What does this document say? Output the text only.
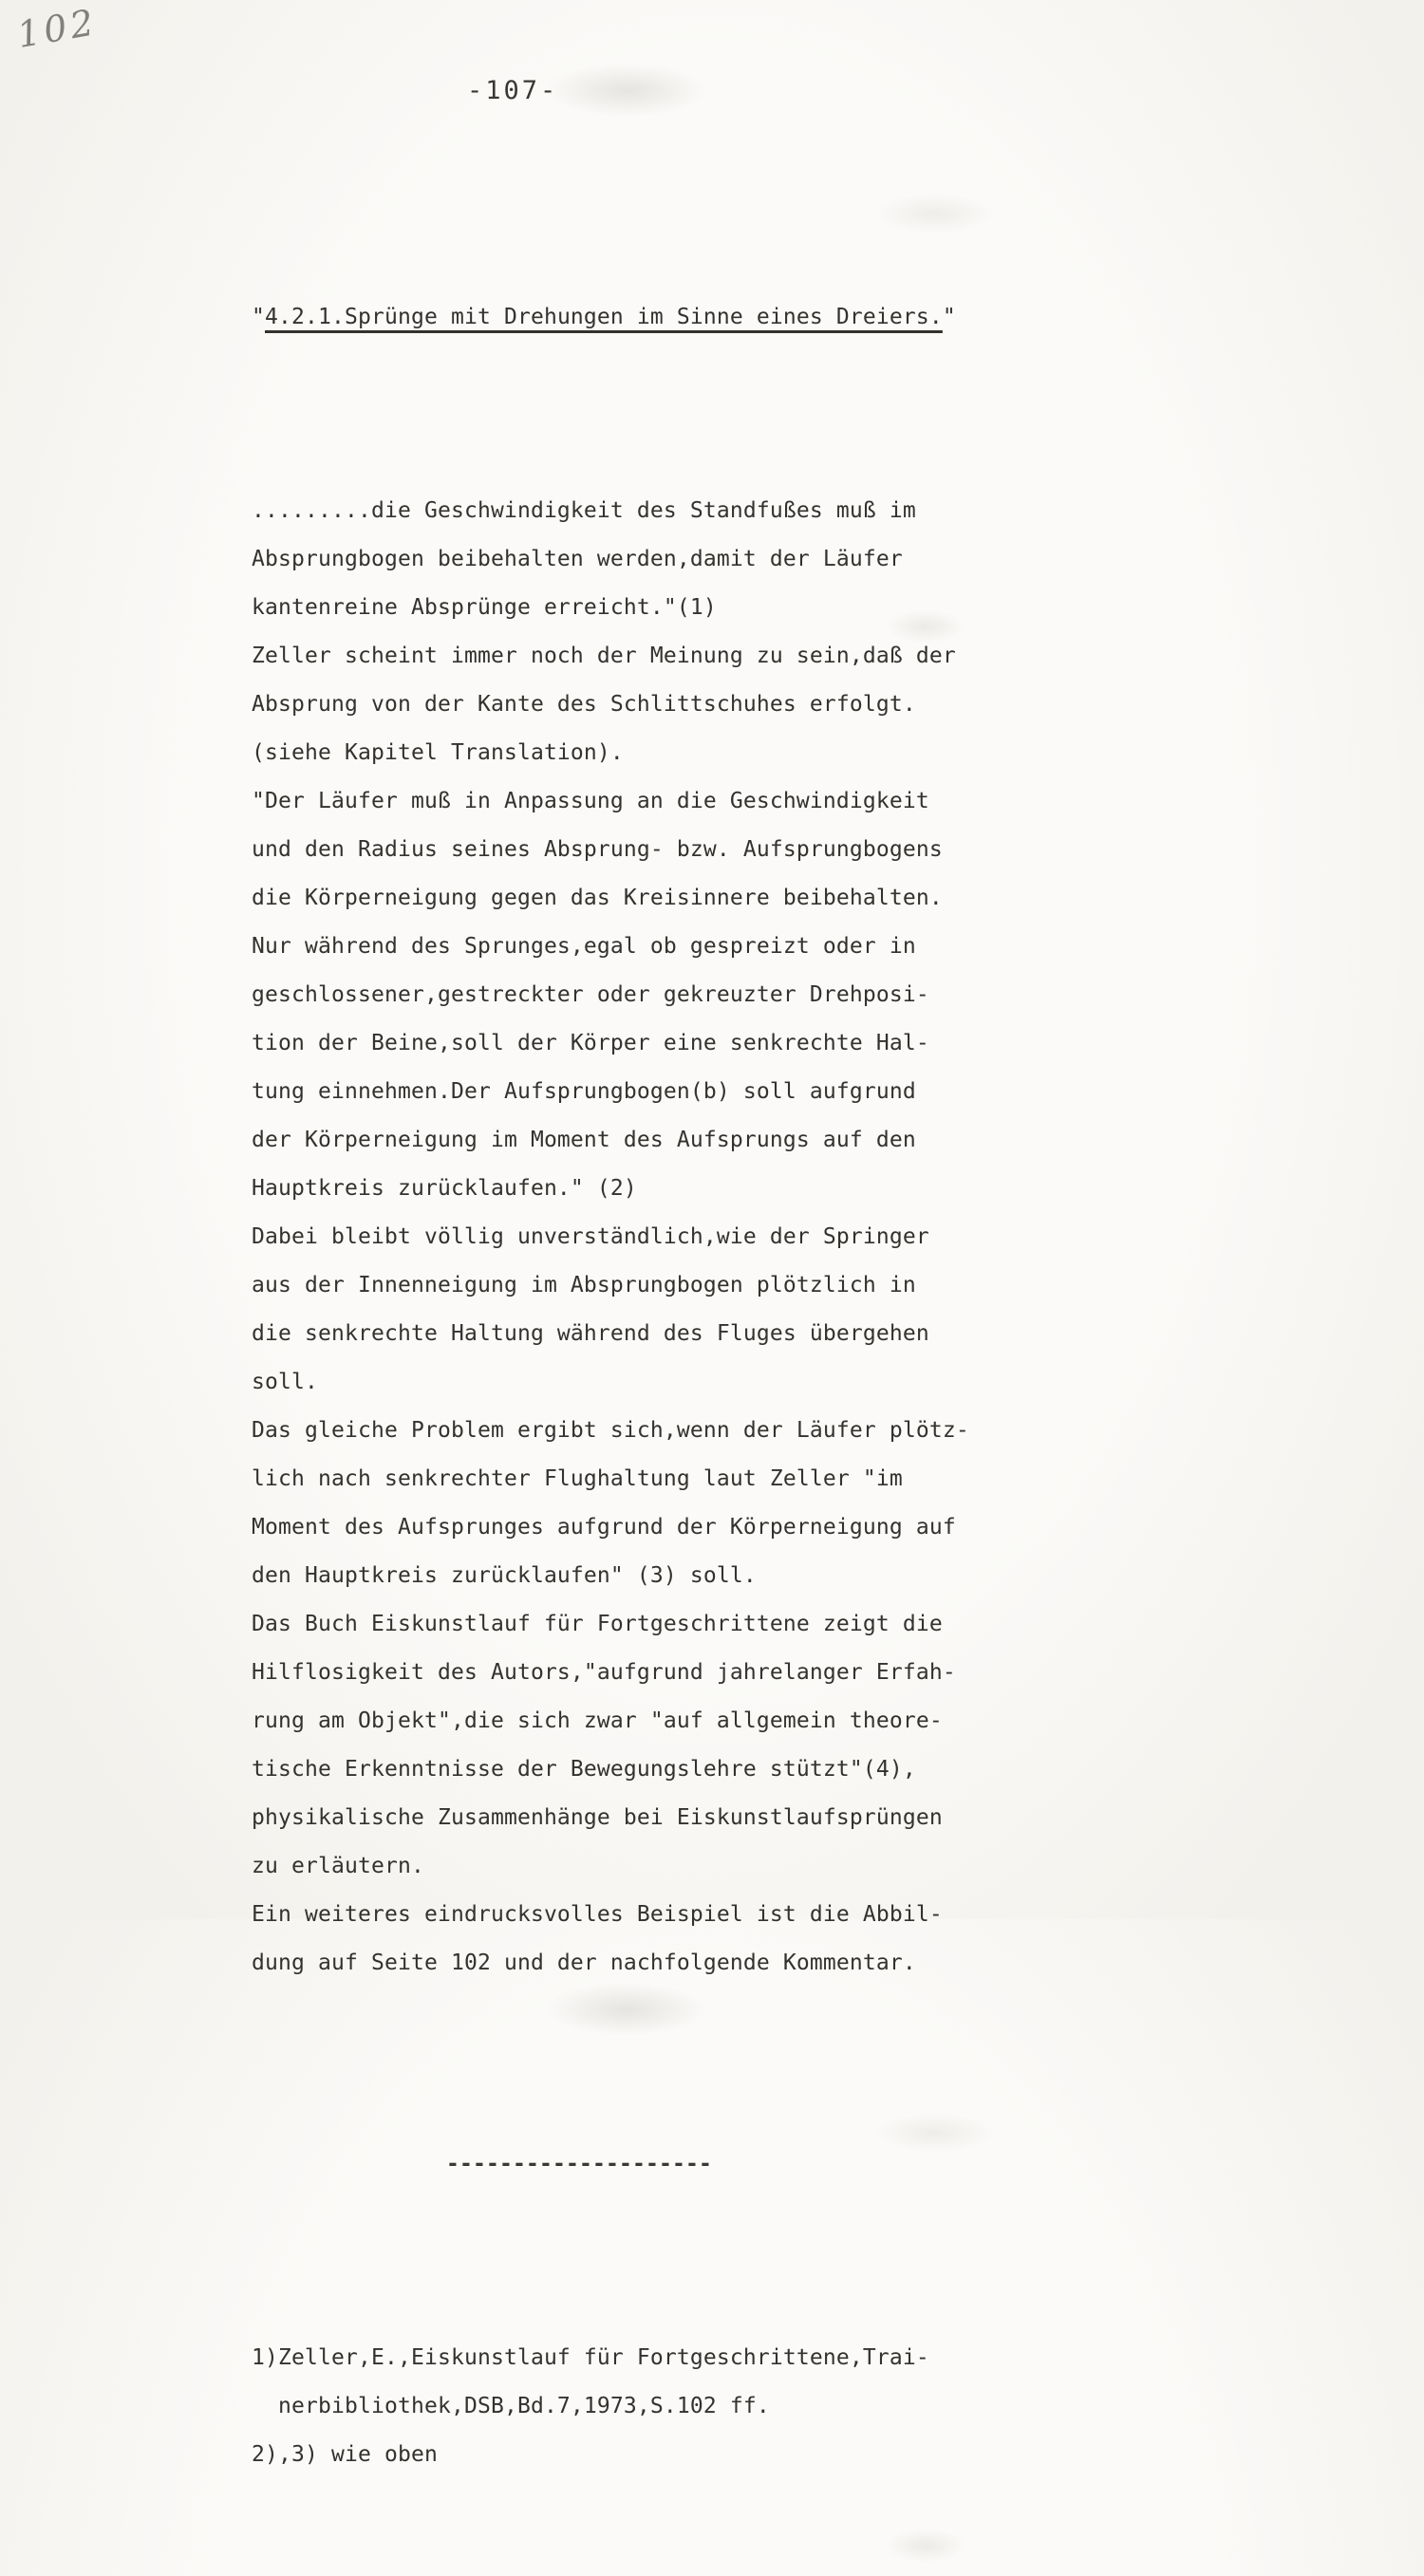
102
-107-

"4.2.1.Sprünge mit Drehungen im Sinne eines Dreiers."

.........die Geschwindigkeit des Standfußes muß im
Absprungbogen beibehalten werden,damit der Läufer
kantenreine Absprünge erreicht."(1)
Zeller scheint immer noch der Meinung zu sein,daß der
Absprung von der Kante des Schlittschuhes erfolgt.
(siehe Kapitel Translation).
"Der Läufer muß in Anpassung an die Geschwindigkeit
und den Radius seines Absprung- bzw. Aufsprungbogens
die Körperneigung gegen das Kreisinnere beibehalten.
Nur während des Sprunges,egal ob gespreizt oder in
geschlossener,gestreckter oder gekreuzter Drehposi-
tion der Beine,soll der Körper eine senkrechte Hal-
tung einnehmen.Der Aufsprungbogen(b) soll aufgrund
der Körperneigung im Moment des Aufsprungs auf den
Hauptkreis zurücklaufen." (2)
Dabei bleibt völlig unverständlich,wie der Springer
aus der Innenneigung im Absprungbogen plötzlich in
die senkrechte Haltung während des Fluges übergehen
soll.
Das gleiche Problem ergibt sich,wenn der Läufer plötz-
lich nach senkrechter Flughaltung laut Zeller "im
Moment des Aufsprunges aufgrund der Körperneigung auf
den Hauptkreis zurücklaufen" (3) soll.
Das Buch Eiskunstlauf für Fortgeschrittene zeigt die
Hilflosigkeit des Autors,"aufgrund jahrelanger Erfah-
rung am Objekt",die sich zwar "auf allgemein theore-
tische Erkenntnisse der Bewegungslehre stützt"(4),
physikalische Zusammenhänge bei Eiskunstlaufsprüngen
zu erläutern.
Ein weiteres eindrucksvolles Beispiel ist die Abbil-
dung auf Seite 102 und der nachfolgende Kommentar.

--------------------

1)Zeller,E.,Eiskunstlauf für Fortgeschrittene,Trai-
nerbibliothek,DSB,Bd.7,1973,S.102 ff.
2),3) wie oben
